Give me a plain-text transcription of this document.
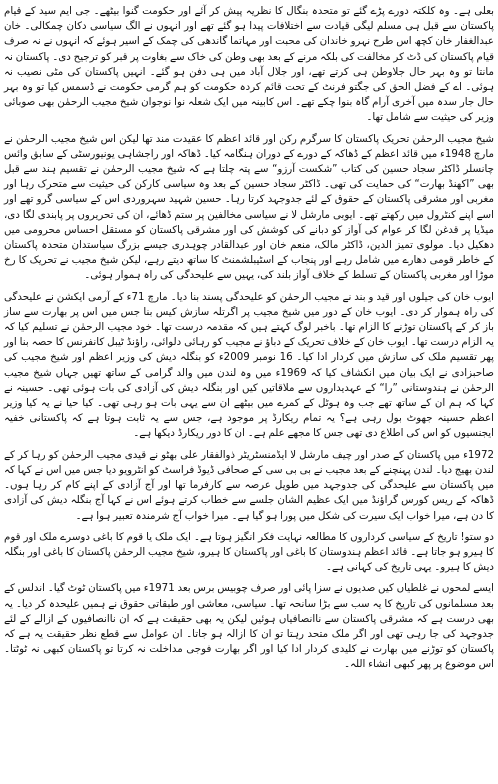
بعلی ہے۔ وہ کلکتہ دورے پڑے گئے تو متحدہ بنگال کا نظریہ پیش کر آئے اور حکومت گنوا بیٹھے۔ جی ایم سید کے قیام پاکستان سے قبل ہی مسلم لیگی قیادت سے اختلافات پیدا ہو گئے تھے اور انہوں نے الگ سیاسی دکان چمکالی۔ خان عبدالغفار خان کچھ اس طرح نہرو خاندان کی محبت اور مہاتما گاندھی کی چمک کے اسیر ہوئے کہ انہوں نے نہ صرف قیام پاکستان کی ڈٹ کر مخالفت کی بلکہ مرنے کے بعد بھی وطن کی خاک سے بغاوت پر قبر کو ترجیح دی۔ پاکستان نہ مانتا تو وہ بہر حال جلاوطن ہی کرتے تھے، اور جلال آباد میں ہی دفن ہو گئے۔ انہیں پاکستان کی مٹی نصیب نہ ہوئی۔ اے کے فضل الحق کی جگتو فرنٹ کے تحت قائم کردہ حکومت کو ہم گرمی حکومت نے ڈسمس کیا تو وہ بہر حال جار سدہ میں آخری آرام گاہ بنوا چکے تھے۔ اس کابینہ میں ایک شعلہ نوا نوجوان شیخ مجیب الرحمٰن بھی صوبائی وزیر کی حیثیت سے شامل تھا۔

شیخ مجیب الرحمٰن تحریک پاکستان کا سرگرم رکن اور قائد اعظم کا عقیدت مند تھا لیکن اس شیخ مجیب الرحمٰن نے مارچ 1948ء میں قائد اعظم کے ڈھاکہ کے دورے کے دوران ہنگامہ کیا۔ ڈھاکہ اور راجشاہی یونیورسٹی کے سابق وائس چانسلر ڈاکٹر سجاد حسین کی کتاب ”شکست آرزو“ سے پتہ چلتا ہے کہ شیخ مجیب الرحمٰن نے تقسیم ہند سے قبل بھی ”اکھنڈ بھارت“ کی حمایت کی تھی۔ ڈاکٹر سجاد حسین کے بعد وہ سیاسی کارکن کی حیثیت سے متحرک رہا اور مغربی اور مشرقی پاکستان کے حقوق کے لئے جدوجہد کرتا رہا۔ حسین شہید سہروردی اس کے سیاسی گرو تھے اور اسے اپنے کنٹرول میں رکھتے تھے۔ ایوبی مارشل لا نے سیاسی مخالفین پر ستم ڈھائے، ان کی تحریروں پر پابندی لگا دی، میڈیا پر قدغن لگا کر عوام کی آواز کو دبانے کی کوشش کی اور مشرقی پاکستان کو مستقل احساس محرومی میں دھکیل دیا۔ مولوی تمیز الدین، ڈاکٹر مالک، منعم خان اور عبدالقادر چوہدری جیسے بزرگ سیاستدان متحدہ پاکستان کے خاطر قومی دھارے میں شامل رہے اور پنجاب کے اسٹیبلشمنٹ کا ساتھ دیتے رہے، لیکن شیخ مجیب نے تحریک کا رخ موڑا اور مغربی پاکستان کے تسلط کے خلاف آواز بلند کی، یہیں سے علیحدگی کی راہ ہموار ہوئی۔

ایوب خان کی جیلوں اور قید و بند نے مجیب الرحمٰن کو علیحدگی پسند بنا دیا۔ مارچ 71ء کے آرمی ایکشن نے علیحدگی کی راہ ہموار کر دی۔ ایوب خان کے دور میں شیخ مجیب پر اگرتلہ سازش کیس بنا جس میں اس پر بھارت سے ساز باز کر کے پاکستان توڑنے کا الزام تھا۔ باخبر لوگ کہتے ہیں کہ مقدمہ درست تھا۔ خود مجیب الرحمٰن نے تسلیم کیا کہ یہ الزام درست تھا۔ ایوب خان کے خلاف تحریک کے دباؤ نے مجیب کو رہائی دلوائی، راؤنڈ ٹیبل کانفرنس کا حصہ بنا اور پھر تقسیم ملک کی سازش میں کردار ادا کیا۔ 16 نومبر 2009ء کو بنگلہ دیش کی وزیر اعظم اور شیخ مجیب کی صاحبزادی نے ایک بیان میں انکشاف کیا کہ 1969ء میں وہ لندن میں والد گرامی کے ساتھ تھیں جہاں شیخ مجیب الرحمٰن نے ہندوستانی ”را“ کے عہدیداروں سے ملاقاتیں کیں اور بنگلہ دیش کی آزادی کی بات ہوئی تھی۔ حسینہ نے کہا کہ ہم ان کے ساتھ تھے جب وہ ہوٹل کے کمرے میں بیٹھے ان سے یہی بات ہو رہی تھی۔ کیا حیا نے یہ کیا وزیر اعظم حسینہ جھوٹ بول رہی ہے؟ یہ تمام ریکارڈ پر موجود ہے، جس سے یہ ثابت ہوتا ہے کہ پاکستانی خفیہ ایجنسیوں کو اس کی اطلاع دی تھی جس کا مجھے علم ہے۔ ان کا دور ریکارڈ دیکھا ہے۔

1972ء میں پاکستان کے صدر اور چیف مارشل لا ایڈمنسٹریٹر ذوالفقار علی بھٹو نے قیدی مجیب الرحمٰن کو رہا کر کے لندن بھیج دیا۔ لندن پہنچنے کے بعد مجیب نے بی بی سی کے صحافی ڈیوڈ فراسٹ کو انٹرویو دیا جس میں اس نے کہا کہ میں پاکستان سے علیحدگی کی جدوجہد میں طویل عرصہ سے کارفرما تھا اور آج آزادی کے اپنے کام کر رہا ہوں۔ ڈھاکہ کے ریس کورس گراؤنڈ میں ایک عظیم الشان جلسے سے خطاب کرتے ہوئے اس نے کہا آج بنگلہ دیش کی آزادی کا دن ہے، میرا خواب ایک سیرت کی شکل میں پورا ہو گیا ہے۔ میرا خواب آج شرمندہ تعبیر ہوا ہے۔

دو ستو! تاریخ کے سیاسی کرداروں کا مطالعہ نہایت فکر انگیز ہوتا ہے۔ ایک ملک یا قوم کا باغی دوسرے ملک اور قوم کا ہیرو ہو جاتا ہے۔ قائد اعظم ہندوستان کا باغی اور پاکستان کا ہیرو، شیخ مجیب الرحمٰن پاکستان کا باغی اور بنگلہ دیش کا ہیرو۔ یہی تاریخ کی کہانی ہے۔

ایسے لمحوں نے غلطیاں کیں صدیوں نے سزا پائی اور صرف چوبیس برس بعد 1971ء میں پاکستان ٹوٹ گیا۔ اندلس کے بعد مسلمانوں کی تاریخ کا یہ سب سے بڑا سانحہ تھا۔ سیاسی، معاشی اور طبقاتی حقوق نے ہمیں علیحدہ کر دیا۔ یہ بھی درست ہے کہ مشرقی پاکستان سے ناانصافیاں ہوئیں لیکن یہ بھی حقیقت ہے کہ ان ناانصافیوں کے ازالے کے لئے جدوجہد کی جا رہی تھی اور اگر ملک متحد رہتا تو ان کا ازالہ ہو جاتا۔ ان عوامل سے قطع نظر حقیقت یہ ہے کہ پاکستان کو توڑنے میں بھارت نے کلیدی کردار ادا کیا اور اگر بھارت فوجی مداخلت نہ کرتا تو پاکستان کبھی نہ ٹوٹتا۔ اس موضوع پر پھر کبھی انشاء اللہ۔
